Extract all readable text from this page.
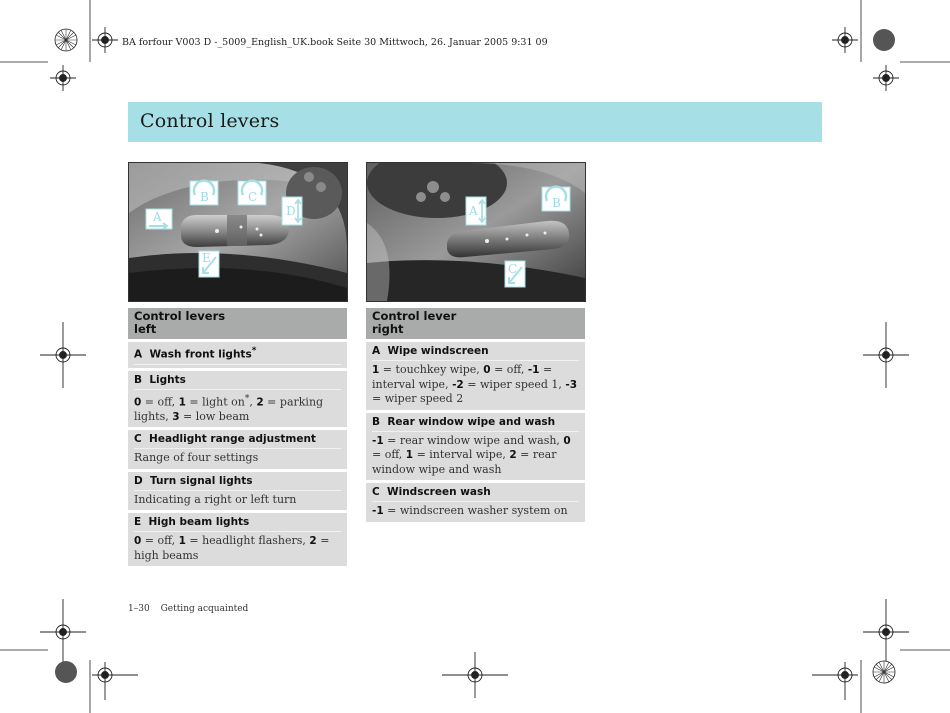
BA forfour V003 D -_5009_English_UK.book Seite 30 Mittwoch, 26. Januar 2005 9:31 09
Control levers
A
B	C
D
E
A
B
C
Control levers
left
A Wash front lights*
B Lights
0 = off, 1 = light on*, 2 = parking lights, 3 = low beam
C Headlight range adjustment
Range of four settings
D Turn signal lights
Indicating a right or left turn
E High beam lights
0 = off, 1 = headlight flashers, 2 = high beams
Control lever
right
A Wipe windscreen
1 = touchkey wipe, 0 = off, -1 = interval wipe, -2 = wiper speed 1, -3 = wiper speed 2
B Rear window wipe and wash
-1 = rear window wipe and wash, 0 = off, 1 = interval wipe, 2 = rear window wipe and wash
C Windscreen wash
-1 = windscreen washer system on
1–30 Getting acquainted
